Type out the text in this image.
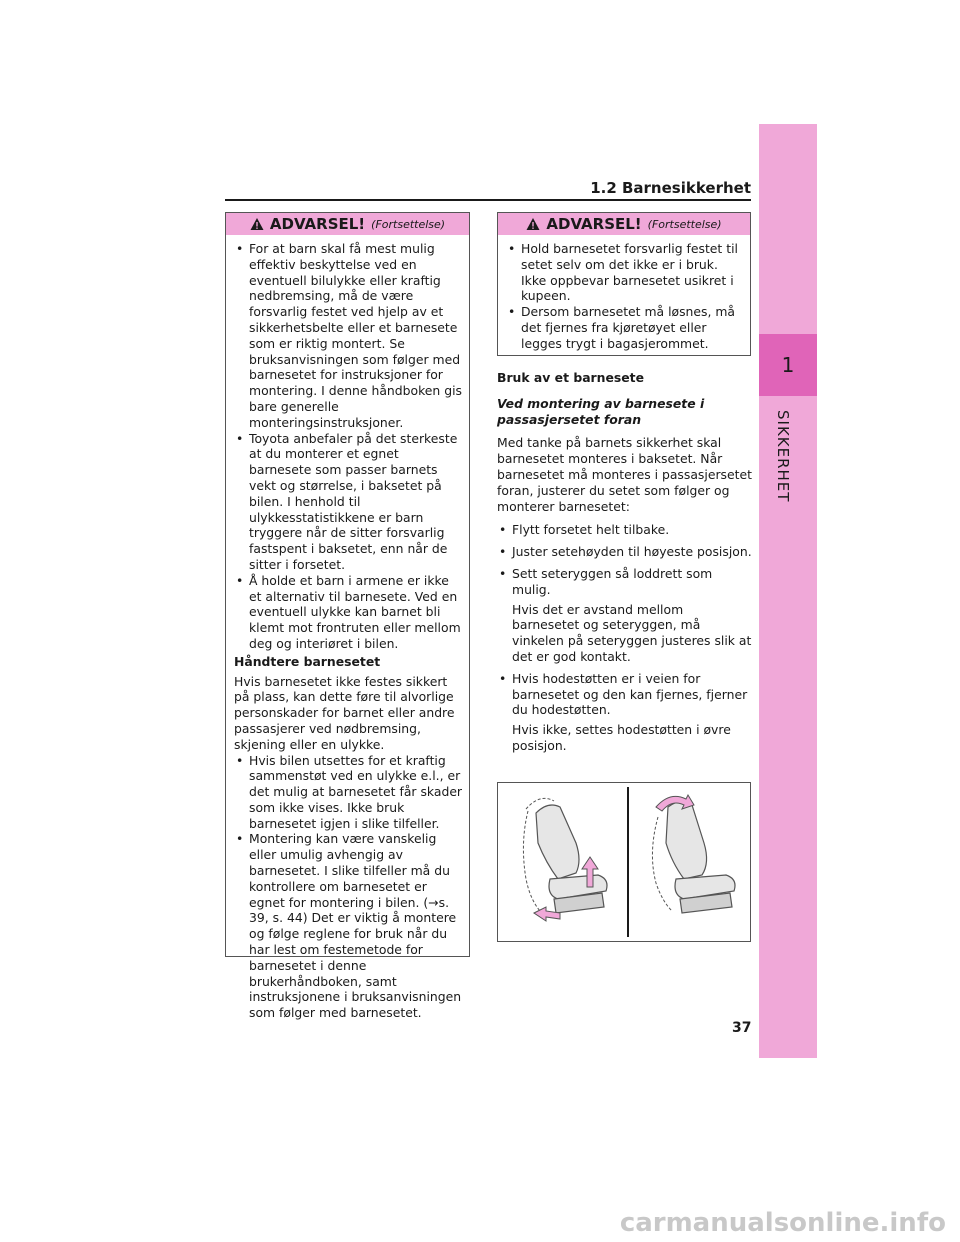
1
SIKKERHET
1.2 Barnesikkerhet
ADVARSEL! (Fortsettelse)
• For at barn skal få mest mulig effektiv beskyttelse ved en eventuell bilulykke eller kraftig nedbremsing, må de være forsvarlig festet ved hjelp av et sikkerhetsbelte eller et barnesete som er riktig montert. Se bruksanvisningen som følger med barnesetet for instruksjoner for montering. I denne håndboken gis bare generelle monteringsinstruksjoner.
• Toyota anbefaler på det sterkeste at du monterer et egnet barnesete som passer barnets vekt og størrelse, i baksetet på bilen. I henhold til ulykkesstatistikkene er barn tryggere når de sitter forsvarlig fastspent i baksetet, enn når de sitter i forsetet.
• Å holde et barn i armene er ikke et alternativ til barnesete. Ved en eventuell ulykke kan barnet bli klemt mot frontruten eller mellom deg og interiøret i bilen.
Håndtere barnesetet

Hvis barnesetet ikke festes sikkert på plass, kan dette føre til alvorlige personskader for barnet eller andre passasjerer ved nødbremsing, skjening eller en ulykke.

• Hvis bilen utsettes for et kraftig sammenstøt ved en ulykke e.l., er det mulig at barnesetet får skader som ikke vises. Ikke bruk barnesetet igjen i slike tilfeller.
• Montering kan være vanskelig eller umulig avhengig av barnesetet. I slike tilfeller må du kontrollere om barnesetet er egnet for montering i bilen. (→s. 39, s. 44) Det er viktig å montere og følge reglene for bruk når du har lest om festemetode for barnesetet i denne brukerhåndboken, samt instruksjonene i bruksanvisningen som følger med barnesetet.
ADVARSEL! (Fortsettelse)
• Hold barnesetet forsvarlig festet til setet selv om det ikke er i bruk. Ikke oppbevar barnesetet usikret i kupeen.
• Dersom barnesetet må løsnes, må det fjernes fra kjøretøyet eller legges trygt i bagasjerommet.
Bruk av et barnesete
Ved montering av barnesete i passasjersetet foran

Med tanke på barnets sikkerhet skal barnesetet monteres i baksetet. Når barnesetet må monteres i passasjersetet foran, justerer du setet som følger og monterer barnesetet:

• Flytt forsetet helt tilbake.
• Juster setehøyden til høyeste posisjon.
• Sett seteryggen så loddrett som mulig.
Hvis det er avstand mellom barnesetet og seteryggen, må vinkelen på seteryggen justeres slik at det er god kontakt.
• Hvis hodestøtten er i veien for barnesetet og den kan fjernes, fjerner du hodestøtten.
Hvis ikke, settes hodestøtten i øvre posisjon.
37
carmanualsonline.info
